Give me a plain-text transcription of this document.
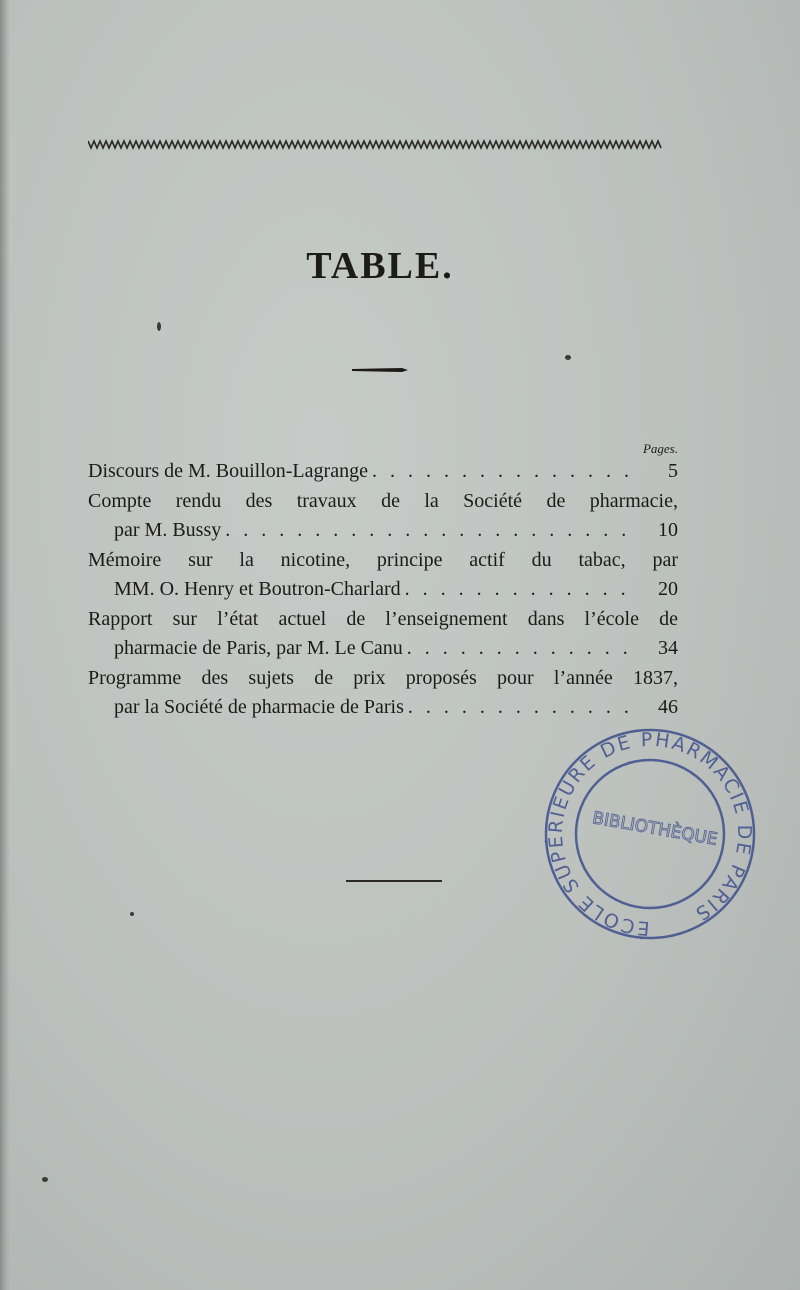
TABLE.
Pages.
Discours de M. Bouillon-Lagrange . . .	5
Compte rendu des travaux de la Société de pharmacie,
par M. Bussy . . .	10
Mémoire sur la nicotine, principe actif du tabac, par
MM. O. Henry et Boutron-Charlard . . .	20
Rapport sur l’état actuel de l’enseignement dans l’école de
pharmacie de Paris, par M. Le Canu . . .	34
Programme des sujets de prix proposés pour l’année 1837,
par la Société de pharmacie de Paris . . .	46
ÉCOLE SUPÉRIEURE DE PHARMACIE DE PARIS
BIBLIOTHÈQUE
